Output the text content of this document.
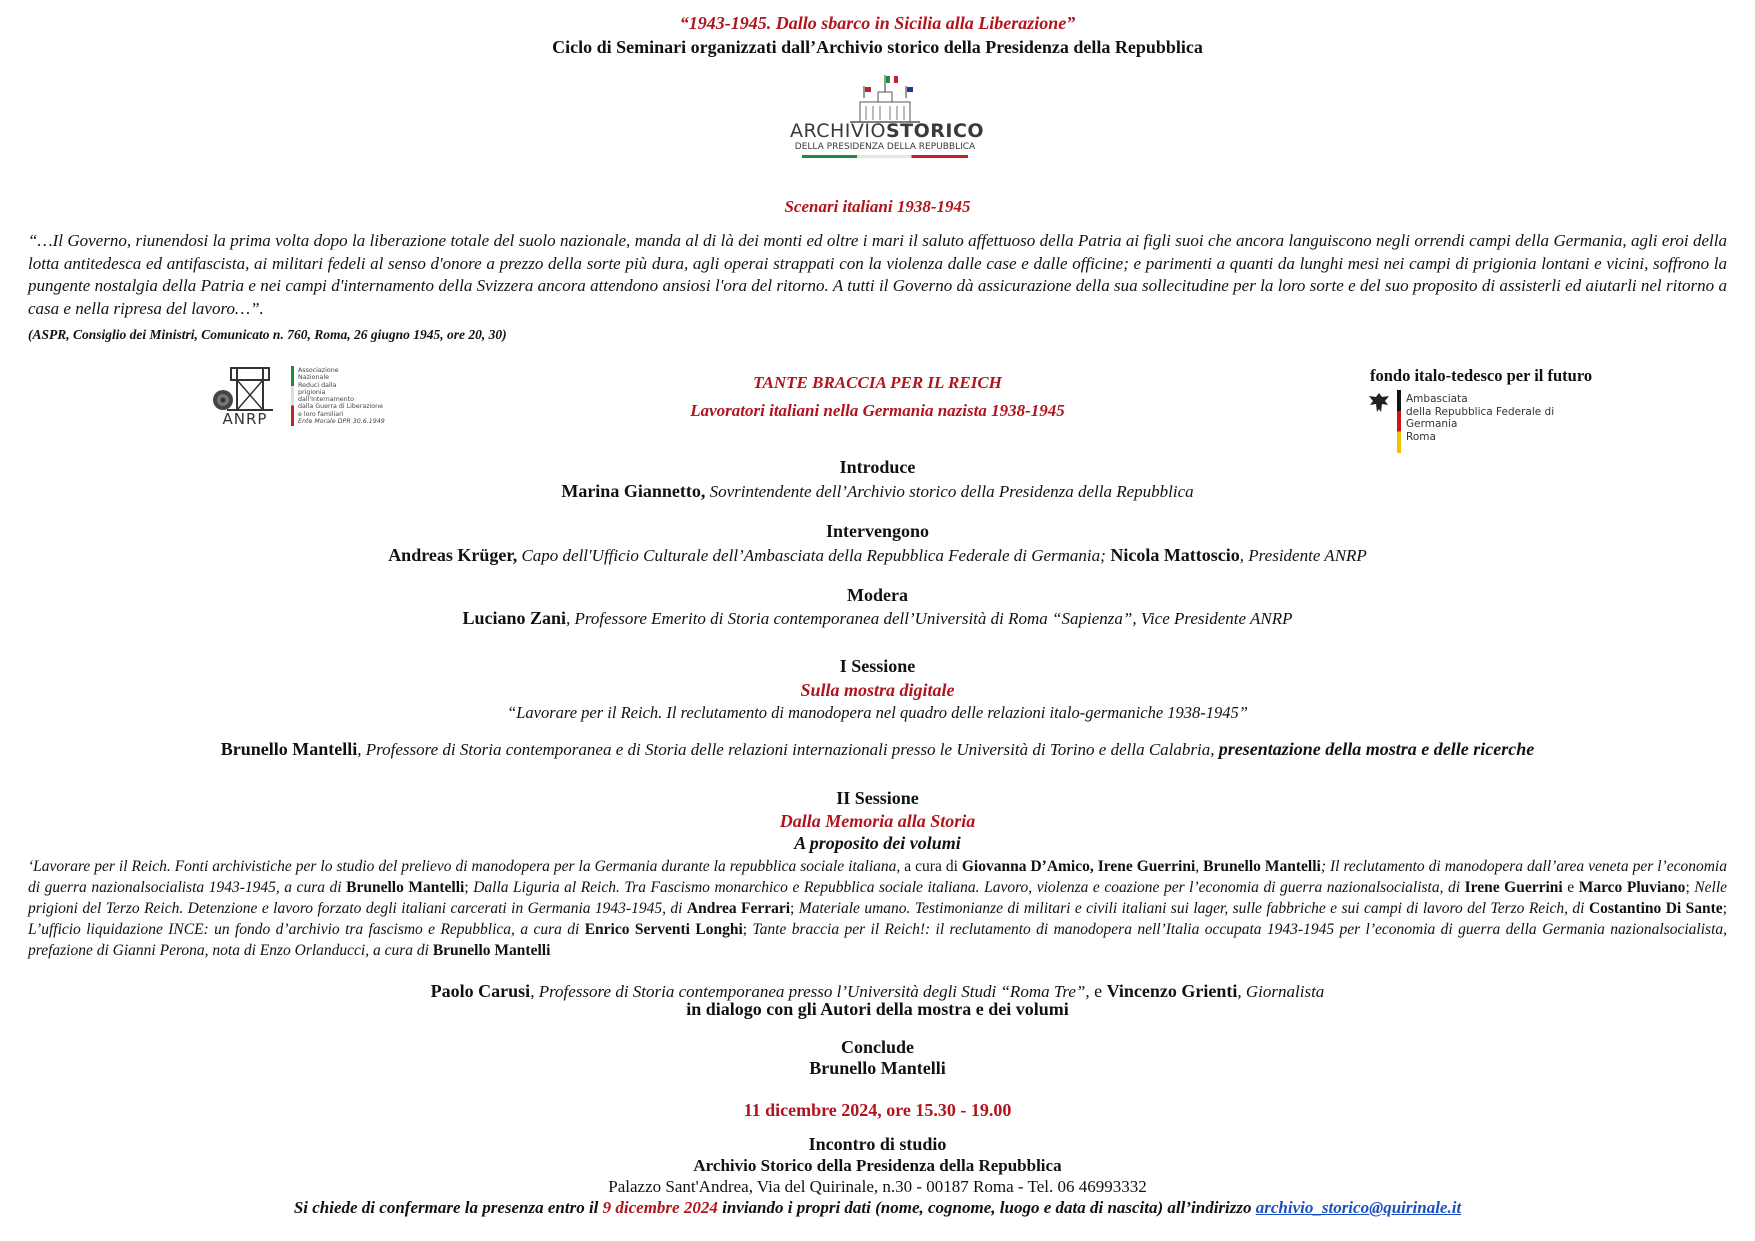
“1943-1945. Dallo sbarco in Sicilia alla Liberazione”
Ciclo di Seminari organizzati dall’Archivio storico della Presidenza della Repubblica
ARCHIVIOSTORICO
DELLA PRESIDENZA DELLA REPUBBLICA
Scenari italiani 1938-1945
“…Il Governo, riunendosi la prima volta dopo la liberazione totale del suolo nazionale, manda al di là dei monti ed oltre i mari il saluto affettuoso della Patria ai figli suoi che ancora languiscono negli orrendi campi della Germania, agli eroi della lotta antitedesca ed antifascista, ai militari fedeli al senso d'onore a prezzo della sorte più dura, agli operai strappati con la violenza dalle case e dalle officine; e parimenti a quanti da lunghi mesi nei campi di prigionia lontani e vicini, soffrono la pungente nostalgia della Patria e nei campi d'internamento della Svizzera ancora attendono ansiosi l'ora del ritorno. A tutti il Governo dà assicurazione della sua sollecitudine per la loro sorte e del suo proposito di assisterli ed aiutarli nel ritorno a casa e nella ripresa del lavoro…”.
(ASPR, Consiglio dei Ministri, Comunicato n. 760, Roma, 26 giugno 1945, ore 20, 30)
ANRP
Associazione
Nazionale
Reduci dalla
prigionia
dall'Internamento
dalla Guerra di Liberazione
e loro familiari
Ente Morale DPR 30.6.1949
TANTE BRACCIA PER IL REICH
Lavoratori italiani nella Germania nazista 1938-1945
fondo italo-tedesco per il futuro
Ambasciata
della Repubblica Federale di Germania
Roma
Introduce
Marina Giannetto, Sovrintendente dell’Archivio storico della Presidenza della Repubblica
Intervengono
Andreas Krüger, Capo dell'Ufficio Culturale dell’Ambasciata della Repubblica Federale di Germania; Nicola Mattoscio, Presidente ANRP
Modera
Luciano Zani, Professore Emerito di Storia contemporanea dell’Università di Roma “Sapienza”, Vice Presidente ANRP
I Sessione
Sulla mostra digitale
“Lavorare per il Reich. Il reclutamento di manodopera nel quadro delle relazioni italo-germaniche 1938-1945”
Brunello Mantelli, Professore di Storia contemporanea e di Storia delle relazioni internazionali presso le Università di Torino e della Calabria, presentazione della mostra e delle ricerche
II Sessione
Dalla Memoria alla Storia
A proposito dei volumi
‘Lavorare per il Reich. Fonti archivistiche per lo studio del prelievo di manodopera per la Germania durante la repubblica sociale italiana, a cura di Giovanna D’Amico, Irene Guerrini, Brunello Mantelli; Il reclutamento di manodopera dall’area veneta per l’economia di guerra nazionalsocialista 1943-1945, a cura di Brunello Mantelli; Dalla Liguria al Reich. Tra Fascismo monarchico e Repubblica sociale italiana. Lavoro, violenza e coazione per l’economia di guerra nazionalsocialista, di Irene Guerrini e Marco Pluviano; Nelle prigioni del Terzo Reich. Detenzione e lavoro forzato degli italiani carcerati in Germania 1943-1945, di Andrea Ferrari; Materiale umano. Testimonianze di militari e civili italiani sui lager, sulle fabbriche e sui campi di lavoro del Terzo Reich, di Costantino Di Sante; L’ufficio liquidazione INCE: un fondo d’archivio tra fascismo e Repubblica, a cura di Enrico Serventi Longhi; Tante braccia per il Reich!: il reclutamento di manodopera nell’Italia occupata 1943-1945 per l’economia di guerra della Germania nazionalsocialista, prefazione di Gianni Perona, nota di Enzo Orlanducci, a cura di Brunello Mantelli
Paolo Carusi, Professore di Storia contemporanea presso l’Università degli Studi “Roma Tre”, e Vincenzo Grienti, Giornalista
in dialogo con gli Autori della mostra e dei volumi
Conclude
Brunello Mantelli
11 dicembre 2024, ore 15.30 - 19.00
Incontro di studio
Archivio Storico della Presidenza della Repubblica
Palazzo Sant'Andrea, Via del Quirinale, n.30 - 00187 Roma - Tel. 06 46993332
Si chiede di confermare la presenza entro il 9 dicembre 2024 inviando i propri dati (nome, cognome, luogo e data di nascita) all’indirizzo archivio_storico@quirinale.it
